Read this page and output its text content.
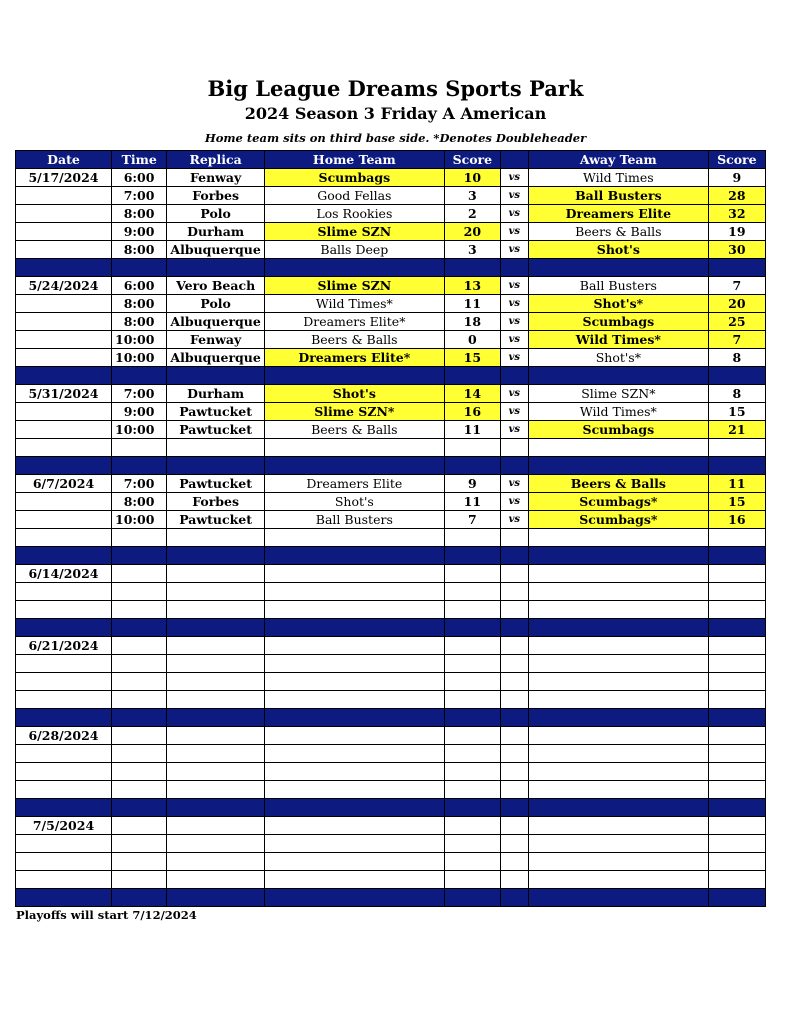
Big League Dreams Sports Park
2024 Season 3 Friday A American
Home team sits on third base side. *Denotes Doubleheader
Date	Time	Replica	Home Team	Score		Away Team	Score
5/17/2024	6:00	Fenway	Scumbags	10	vs	Wild Times	9
	7:00	Forbes	Good Fellas	3	vs	Ball Busters	28
	8:00	Polo	Los Rookies	2	vs	Dreamers Elite	32
	9:00	Durham	Slime SZN	20	vs	Beers & Balls	19
	8:00	Albuquerque	Balls Deep	3	vs	Shot's	30

5/24/2024	6:00	Vero Beach	Slime SZN	13	vs	Ball Busters	7
	8:00	Polo	Wild Times*	11	vs	Shot's*	20
	8:00	Albuquerque	Dreamers Elite*	18	vs	Scumbags	25
	10:00	Fenway	Beers & Balls	0	vs	Wild Times*	7
	10:00	Albuquerque	Dreamers Elite*	15	vs	Shot's*	8

5/31/2024	7:00	Durham	Shot's	14	vs	Slime SZN*	8
	9:00	Pawtucket	Slime SZN*	16	vs	Wild Times*	15
	10:00	Pawtucket	Beers & Balls	11	vs	Scumbags	21

6/7/2024	7:00	Pawtucket	Dreamers Elite	9	vs	Beers & Balls	11
	8:00	Forbes	Shot's	11	vs	Scumbags*	15
	10:00	Pawtucket	Ball Busters	7	vs	Scumbags*	16

6/14/2024							

6/21/2024							

6/28/2024							

7/5/2024							

Playoffs will start 7/12/2024
